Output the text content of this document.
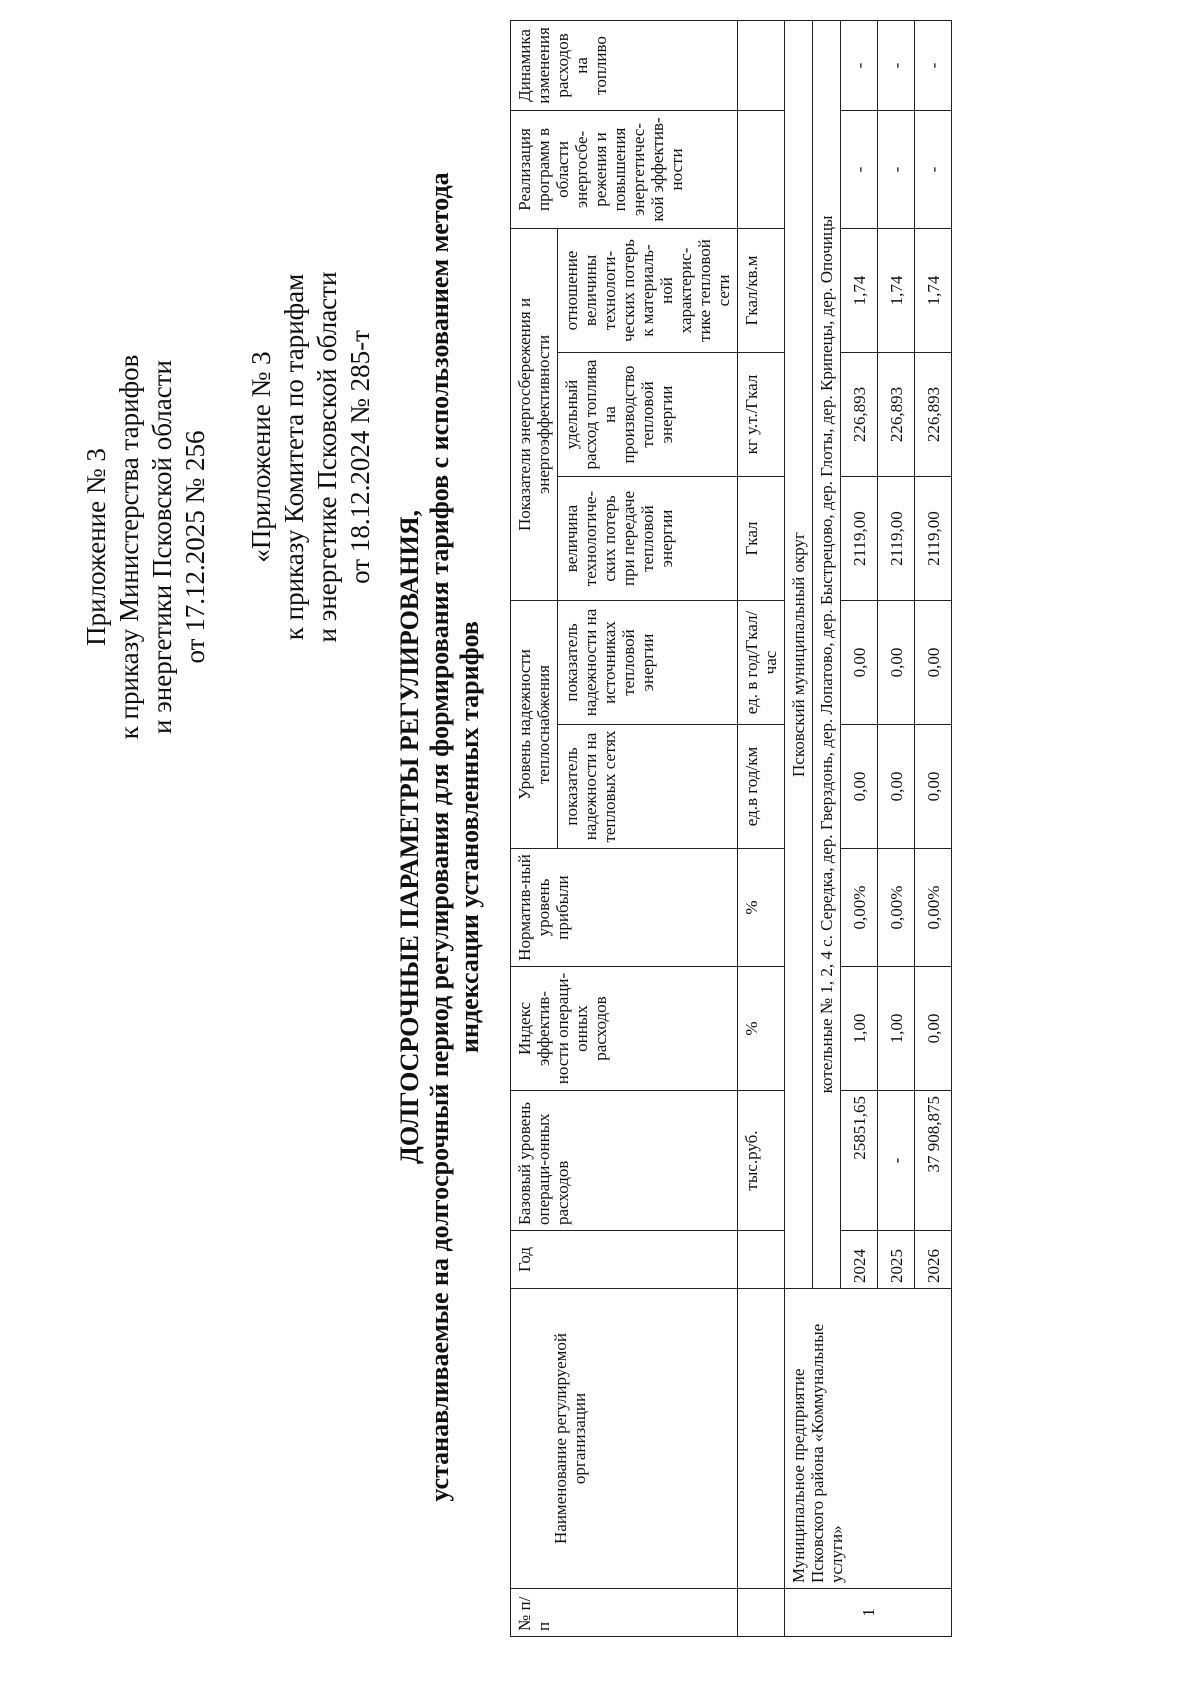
Приложение № 3 к приказу Министерства тарифов и энергетики Псковской области от 17.12.2025 № 256 «Приложение № 3 к приказу Комитета по тарифам и энергетике Псковской области от 18.12.2024 № 285-т
ДОЛГОСРОЧНЫЕ ПАРАМЕТРЫ РЕГУЛИРОВАНИЯ, устанавливаемые на долгосрочный период регулирования для формирования тарифов с использованием метода индексации установленных тарифов
№ п/п	Наименование регулируемой организации	Год	Базовый уровень операци-онных расходов	Индекс эффектив-ности операци-онных расходов	Норматив-ный уровень прибыли	Уровень надежности теплоснабжения		Показатели энергосбережения и энергоэффективности			Реализация программ в области энергосбе-режения и повышения энергетичес-кой эффектив-ности	Динамика изменения расходов на топливо
						показатель надежности на тепловых сетях	показатель надежности на источниках тепловой энергии	величина технологиче-ских потерь при передаче тепловой энергии	удельный расход топлива на производство тепловой энергии	отношение величины технологи-ческих потерь к материаль-ной характерис-тике тепловой сети		
			тыс.руб.	%	%	ед.в год/км	ед. в год/Гкал/час	Гкал	кг у.т./Гкал	Гкал/кв.м		
1	Муниципальное предприятие Псковского района «Коммунальные услуги»	Псковский муниципальный округ										
		котельные № 1, 2, 4 с. Середка, дер. Гверздонь, дер. Лопатово, дер. Быстрецово, дер. Глоты, дер. Крипецы, дер. Опочицы										
		2024	25851,65	1,00	0,00%	0,00	0,00	2119,00	226,893	1,74	-	-
		2025	-	1,00	0,00%	0,00	0,00	2119,00	226,893	1,74	-	-
		2026	37 908,875	0,00	0,00%	0,00	0,00	2119,00	226,893	1,74	-	-
